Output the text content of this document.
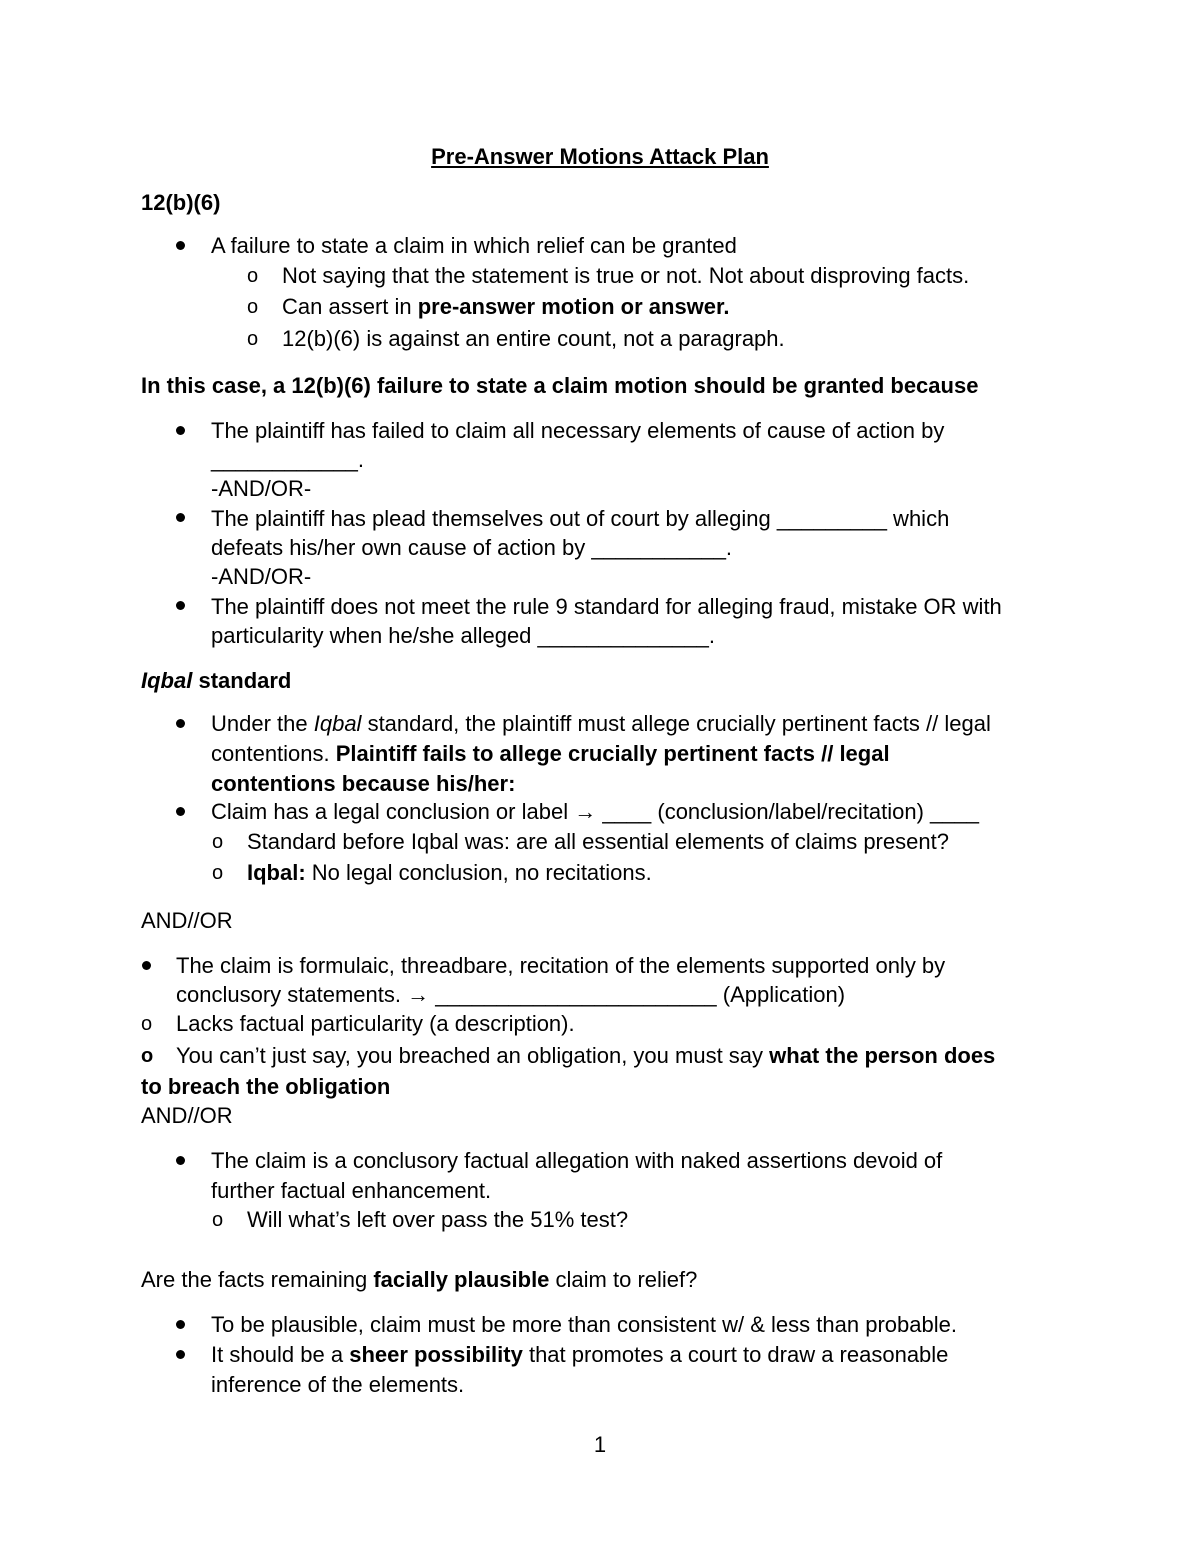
Pre-Answer Motions Attack Plan
12(b)(6)
A failure to state a claim in which relief can be granted
o Not saying that the statement is true or not. Not about disproving facts.
o Can assert in pre-answer motion or answer.
o 12(b)(6) is against an entire count, not a paragraph.
In this case, a 12(b)(6) failure to state a claim motion should be granted because
The plaintiff has failed to claim all necessary elements of cause of action by
____________.
-AND/OR-
The plaintiff has plead themselves out of court by alleging _________ which
defeats his/her own cause of action by ___________.
-AND/OR-
The plaintiff does not meet the rule 9 standard for alleging fraud, mistake OR with
particularity when he/she alleged ______________.
Iqbal standard
Under the Iqbal standard, the plaintiff must allege crucially pertinent facts // legal
contentions. Plaintiff fails to allege crucially pertinent facts // legal
contentions because his/her:
Claim has a legal conclusion or label → ____ (conclusion/label/recitation) ____
o Standard before Iqbal was: are all essential elements of claims present?
o Iqbal: No legal conclusion, no recitations.
AND//OR
The claim is formulaic, threadbare, recitation of the elements supported only by
conclusory statements. → _______________________ (Application)
o Lacks factual particularity (a description).
o You can’t just say, you breached an obligation, you must say what the person does
to breach the obligation
AND//OR
The claim is a conclusory factual allegation with naked assertions devoid of
further factual enhancement.
o Will what’s left over pass the 51% test?
Are the facts remaining facially plausible claim to relief?
To be plausible, claim must be more than consistent w/ & less than probable.
It should be a sheer possibility that promotes a court to draw a reasonable
inference of the elements.
1
